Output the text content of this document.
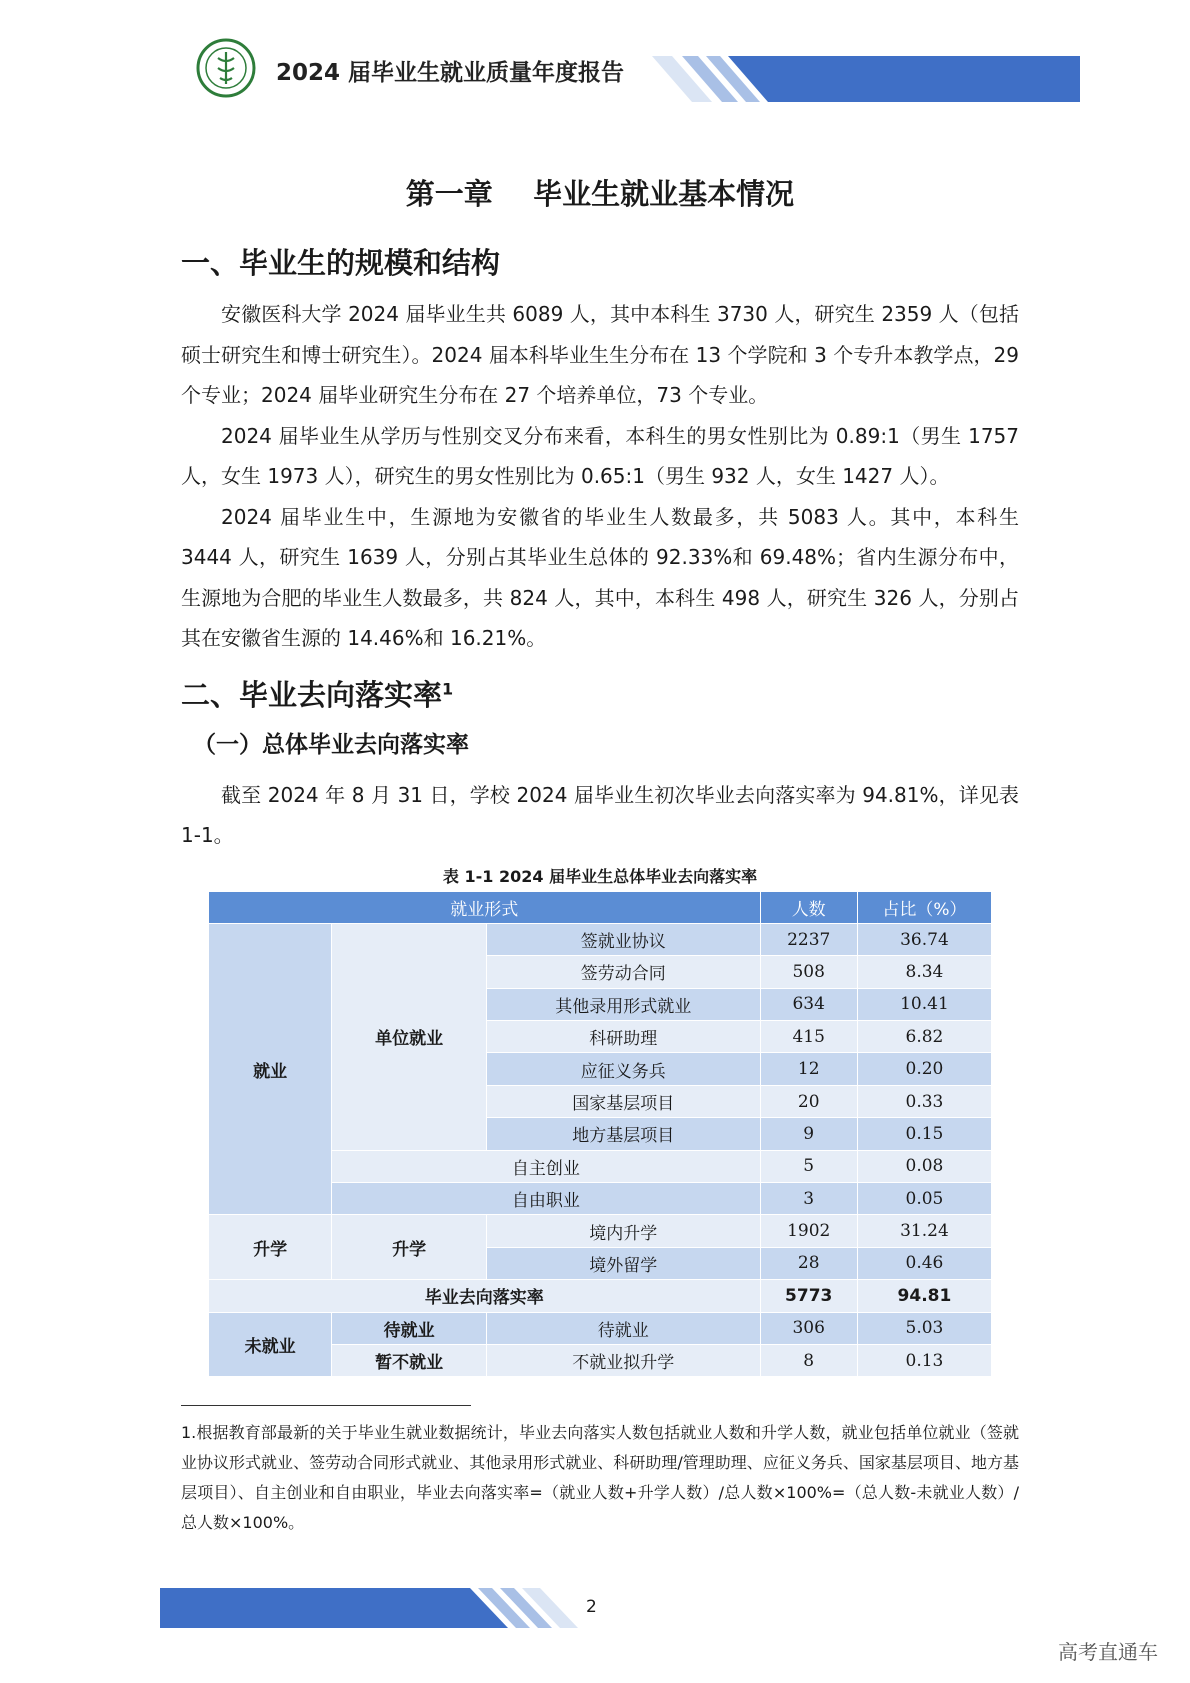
2024 届毕业生就业质量年度报告
第一章    毕业生就业基本情况
一、毕业生的规模和结构

安徽医科大学 2024 届毕业生共 6089 人，其中本科生 3730 人，研究生 2359 人（包括硕士研究生和博士研究生）。2024 届本科毕业生生分布在 13 个学院和 3 个专升本教学点，29 个专业；2024 届毕业研究生分布在 27 个培养单位，73 个专业。

2024 届毕业生从学历与性别交叉分布来看，本科生的男女性别比为 0.89:1（男生 1757 人，女生 1973 人），研究生的男女性别比为 0.65:1（男生 932 人，女生 1427 人）。

2024 届毕业生中，生源地为安徽省的毕业生人数最多，共 5083 人。其中，本科生 3444 人，研究生 1639 人，分别占其毕业生总体的 92.33%和 69.48%；省内生源分布中，生源地为合肥的毕业生人数最多，共 824 人，其中，本科生 498 人，研究生 326 人，分别占其在安徽省生源的 14.46%和 16.21%。

二、毕业去向落实率$^1$
（一）总体毕业去向落实率

截至 2024 年 8 月 31 日，学校 2024 届毕业生初次毕业去向落实率为 94.81%，详见表 1-1。

表 1-1 2024 届毕业生总体毕业去向落实率
就业形式			人数	占比（%）
就业	单位就业	签就业协议	2237	36.74
		签劳动合同	508	8.34
		其他录用形式就业	634	10.41
		科研助理	415	6.82
		应征义务兵	12	0.20
		国家基层项目	20	0.33
		地方基层项目	9	0.15
	自主创业		5	0.08
	自由职业		3	0.05
升学	升学	境内升学	1902	31.24
		境外留学	28	0.46
毕业去向落实率			5773	94.81
未就业	待就业	待就业	306	5.03
	暂不就业	不就业拟升学	8	0.13

1.根据教育部最新的关于毕业生就业数据统计，毕业去向落实人数包括就业人数和升学人数，就业包括单位就业（签就业协议形式就业、签劳动合同形式就业、其他录用形式就业、科研助理/管理助理、应征义务兵、国家基层项目、地方基层项目）、自主创业和自由职业，毕业去向落实率=（就业人数+升学人数）/总人数×100%=（总人数-未就业人数）/总人数×100%。

2
高考直通车
